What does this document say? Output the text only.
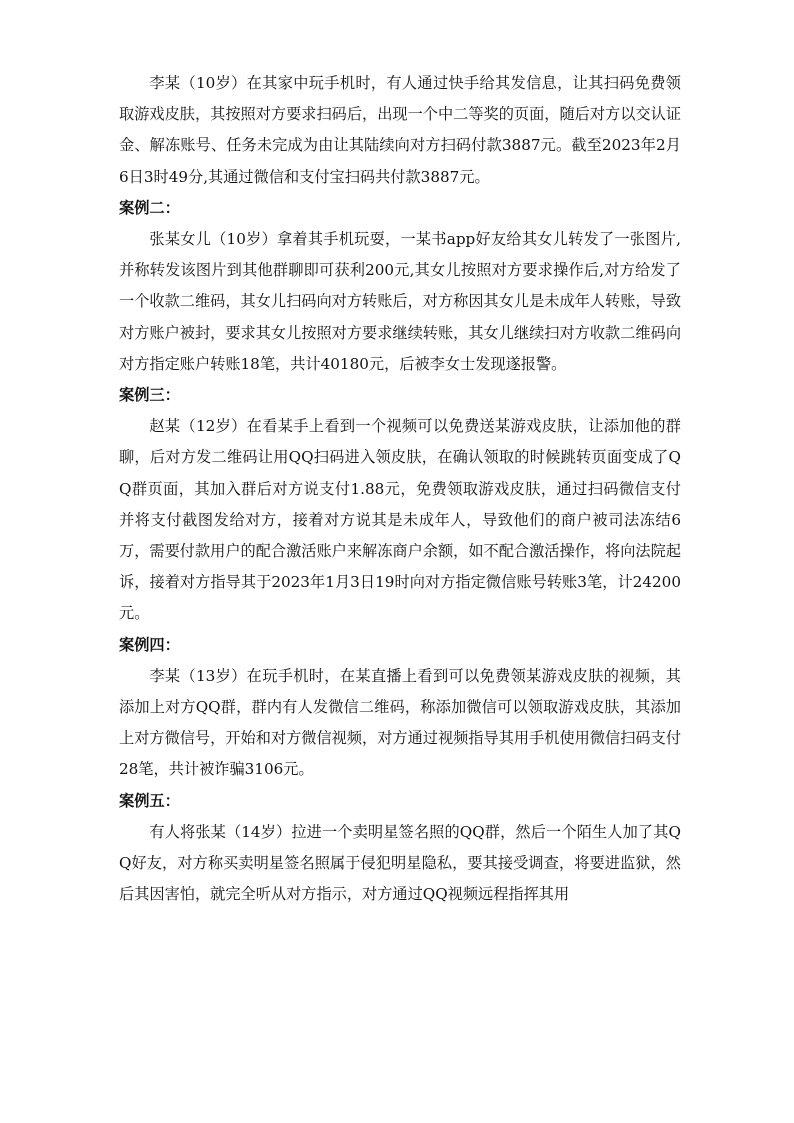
李某（10岁）在其家中玩手机时，有人通过快手给其发信息，让其扫码免费领取游戏皮肤，其按照对方要求扫码后，出现一个中二等奖的页面，随后对方以交认证金、解冻账号、任务未完成为由让其陆续向对方扫码付款3887元。截至2023年2月6日3时49分,其通过微信和支付宝扫码共付款3887元。

案例二：

张某女儿（10岁）拿着其手机玩耍，一某书app好友给其女儿转发了一张图片,并称转发该图片到其他群聊即可获利200元,其女儿按照对方要求操作后,对方给发了一个收款二维码，其女儿扫码向对方转账后，对方称因其女儿是未成年人转账，导致对方账户被封，要求其女儿按照对方要求继续转账，其女儿继续扫对方收款二维码向对方指定账户转账18笔，共计40180元，后被李女士发现遂报警。

案例三：

赵某（12岁）在看某手上看到一个视频可以免费送某游戏皮肤，让添加他的群聊，后对方发二维码让用QQ扫码进入领皮肤，在确认领取的时候跳转页面变成了QQ群页面，其加入群后对方说支付1.88元，免费领取游戏皮肤，通过扫码微信支付并将支付截图发给对方，接着对方说其是未成年人，导致他们的商户被司法冻结6万，需要付款用户的配合激活账户来解冻商户余额，如不配合激活操作，将向法院起诉，接着对方指导其于2023年1月3日19时向对方指定微信账号转账3笔，计24200元。

案例四：

李某（13岁）在玩手机时，在某直播上看到可以免费领某游戏皮肤的视频，其添加上对方QQ群，群内有人发微信二维码，称添加微信可以领取游戏皮肤，其添加上对方微信号，开始和对方微信视频，对方通过视频指导其用手机使用微信扫码支付28笔，共计被诈骗3106元。

案例五：

有人将张某（14岁）拉进一个卖明星签名照的QQ群，然后一个陌生人加了其QQ好友，对方称买卖明星签名照属于侵犯明星隐私，要其接受调查，将要进监狱，然后其因害怕，就完全听从对方指示，对方通过QQ视频远程指挥其用
